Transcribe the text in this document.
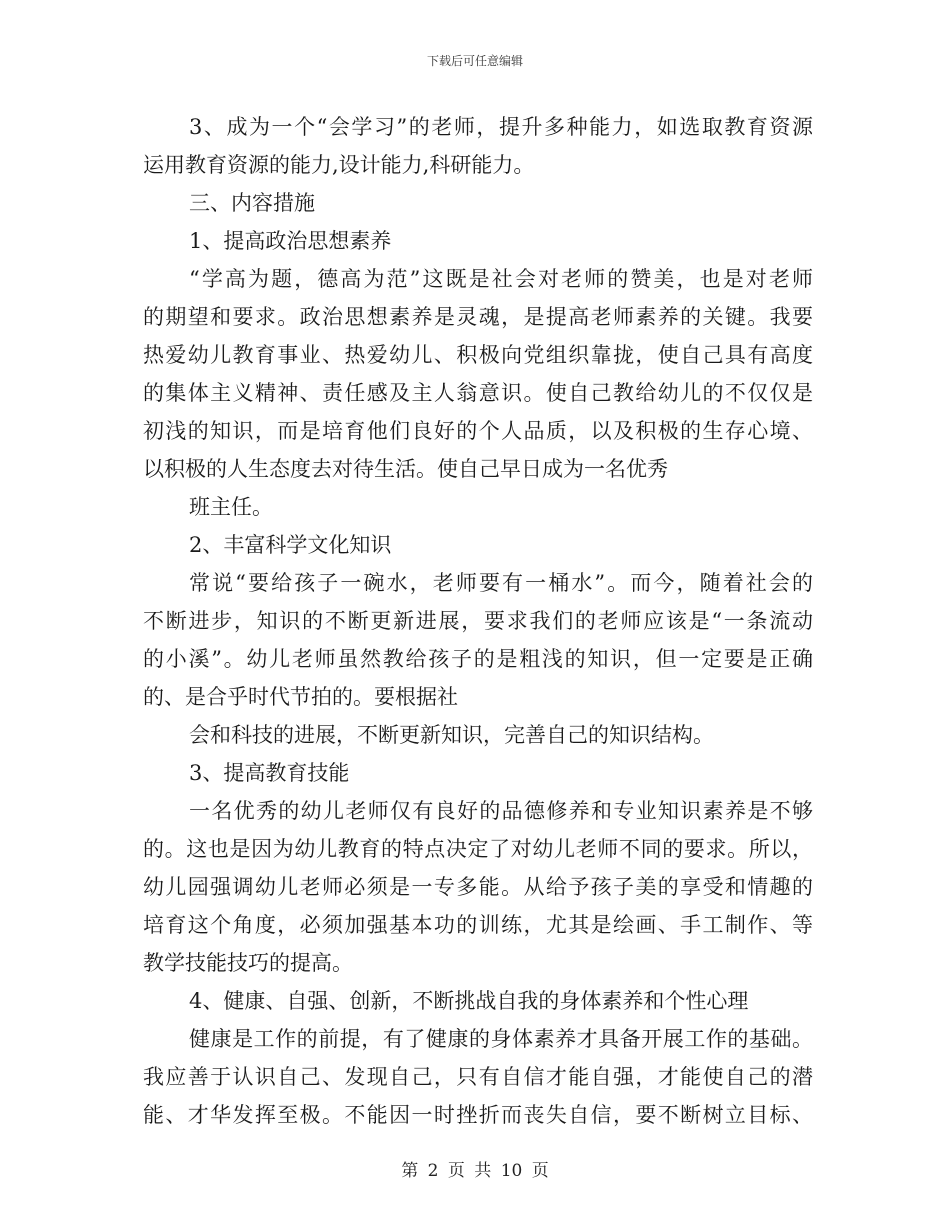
下载后可任意编辑
3、成为一个“会学习”的老师，提升多种能力，如选取教育资源
运用教育资源的能力,设计能力,科研能力。
三、内容措施
1、提高政治思想素养
“学高为题，德高为范”这既是社会对老师的赞美，也是对老师
的期望和要求。政治思想素养是灵魂，是提高老师素养的关键。我要
热爱幼儿教育事业、热爱幼儿、积极向党组织靠拢，使自己具有高度
的集体主义精神、责任感及主人翁意识。使自己教给幼儿的不仅仅是
初浅的知识，而是培育他们良好的个人品质，以及积极的生存心境、
以积极的人生态度去对待生活。使自己早日成为一名优秀
班主任。
2、丰富科学文化知识
常说“要给孩子一碗水，老师要有一桶水”。而今，随着社会的
不断进步，知识的不断更新进展，要求我们的老师应该是“一条流动
的小溪”。幼儿老师虽然教给孩子的是粗浅的知识，但一定要是正确
的、是合乎时代节拍的。要根据社
会和科技的进展，不断更新知识，完善自己的知识结构。
3、提高教育技能
一名优秀的幼儿老师仅有良好的品德修养和专业知识素养是不够
的。这也是因为幼儿教育的特点决定了对幼儿老师不同的要求。所以，
幼儿园强调幼儿老师必须是一专多能。从给予孩子美的享受和情趣的
培育这个角度，必须加强基本功的训练，尤其是绘画、手工制作、等
教学技能技巧的提高。
4、健康、自强、创新，不断挑战自我的身体素养和个性心理
健康是工作的前提，有了健康的身体素养才具备开展工作的基础。
我应善于认识自己、发现自己，只有自信才能自强，才能使自己的潜
能、才华发挥至极。不能因一时挫折而丧失自信，要不断树立目标、
第 2 页 共 10 页
